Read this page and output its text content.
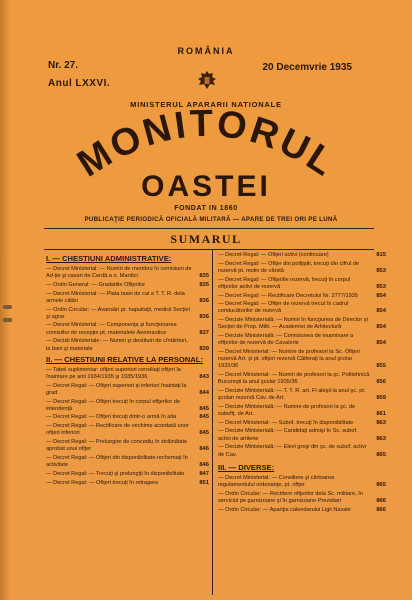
ROMÂNIA
Nr. 27.
Anul LXXVI.
20 Decemvrie 1935
MINISTERUL APARARII NATIONALE
MONITORUL
OASTEI
FONDAT IN 1860
PUBLICAŢIE PERIODICĂ OFICIALĂ MILITARĂ — APARE DE TREI ORI PE LUNĂ
SUMARUL
I. — CHESTIUNI ADMINISTRATIVE:
— Decret Ministerial: — Numiri de membru în comisiuni de Ad-ţie şi casari de Cerdă a o. Mardici	835
— Ordin General: — Gradatiile Ofiţerilor	835
— Decret Ministerial: — Plata taxei de cal a T. T. R. dela armele călări	836
— Ordin Circular: — Avansări pr. hapuitaţii, medicii Secţiei şi agrar	836
— Decret Ministerial: — Componenţa şi funcţionarea comisiilor de recepţie pt. materialele Aeronautice	837
— Decizii Ministeriale: — Numiri şi destituiri de cîntăritori, la bani şi materiale	839
II. — CHESTIUNI RELATIVE LA PERSONAL:
— Tabel suplimentar: ofiţeri superiori consiliaţi ofiţeri la înaintare pe anii 1934/1935 şi 1935/1936	843
— Decret Regal: — Ofiţeri superiori şi inferiori înaintaţi la grad	844
— Decret Regal: — Ofiţeri trecuţi în corpul ofiţerilor de intendenţă	845
— Decret Regal: — Ofiţeri trecuţi dintr-o armă în alta	845
— Decret Regal: — Rectificare de vechime acordată unor ofiţeri inferiori	845
— Decret Regal: — Prelungire de concediu în străinătate aprobat unui ofiţer	846
— Decret Regal: — Ofiţeri din disponibilitate rechemaţi în activitate	846
— Decret Regal: — Trecuţi şi prelungiţi în disponibilitate	847
— Decret Regal: — Ofiţeri trecuţi în retragere	851
— Decret Regal: — Ofiţeri activi (continuare)	815
— Decret Regal: — Ofiţer din poliţiştii, trecuţi din cifrul de rezervă pt. motiv de vârstă	853
— Decret Regal: — Ofiţeriile rezervă, trecuţi în corpul ofiţerilor activi de rezervă	853
— Decret Regal: — Rectificare Decretului Nr. 2777/1935	854
— Decret Regal: — Ofiţer de rezervă trecut în cadrul conducătorilor de rezervă	854
— Decizie Ministerială: — Numiri în funcţiunea de Director şi Secţiei de Prop. Milit. — Academiei de Arhitectură	854
— Decizie Ministerială: — Comisiunea de examinare a ofiţerilor de rezervă de Cavalerie	854
— Decret Ministerial: — Numire de profesori la Sc. Ofiţeri rezervă Art. şi pt. ofiţeri rezervă Căiferaţi la anul şcolar 1935/36	855
— Decret Ministerial: — Numiri de profesori la şc. Politehnică Bucureşti la anul şcolar 1935/36	856
— Decizie Ministerială: — T. T. R. art. Fl aleşii la anul şc. pt. şcolari rezervă Cav. de Art.	859
— Decizie Ministerială: — Numire de profesori la şc. de subofiţ. de Art.	861
— Decret Ministerial: — Subof. trecuţi în disponibilitate	863
— Decizie Ministerială: — Candidaţi admişi în Sc. subof. activi de artilerie	863
— Decizie Ministerială: — Elevi greşi din şc. de subof. activi de Cav.	865
III. — DIVERSE:
— Decret Ministerial: — Consiliere şi cârtoarea regulamentului ordonanţe, pt. ofiţer	865
— Ordin Circular: — Rectitere ofiţerilor dela Sc. militare, în serviciul pe garnizoane şi în garnizoane Prezidiari	866
— Ordin Circular: — Apariţia calendarului Ligii Navale	866
